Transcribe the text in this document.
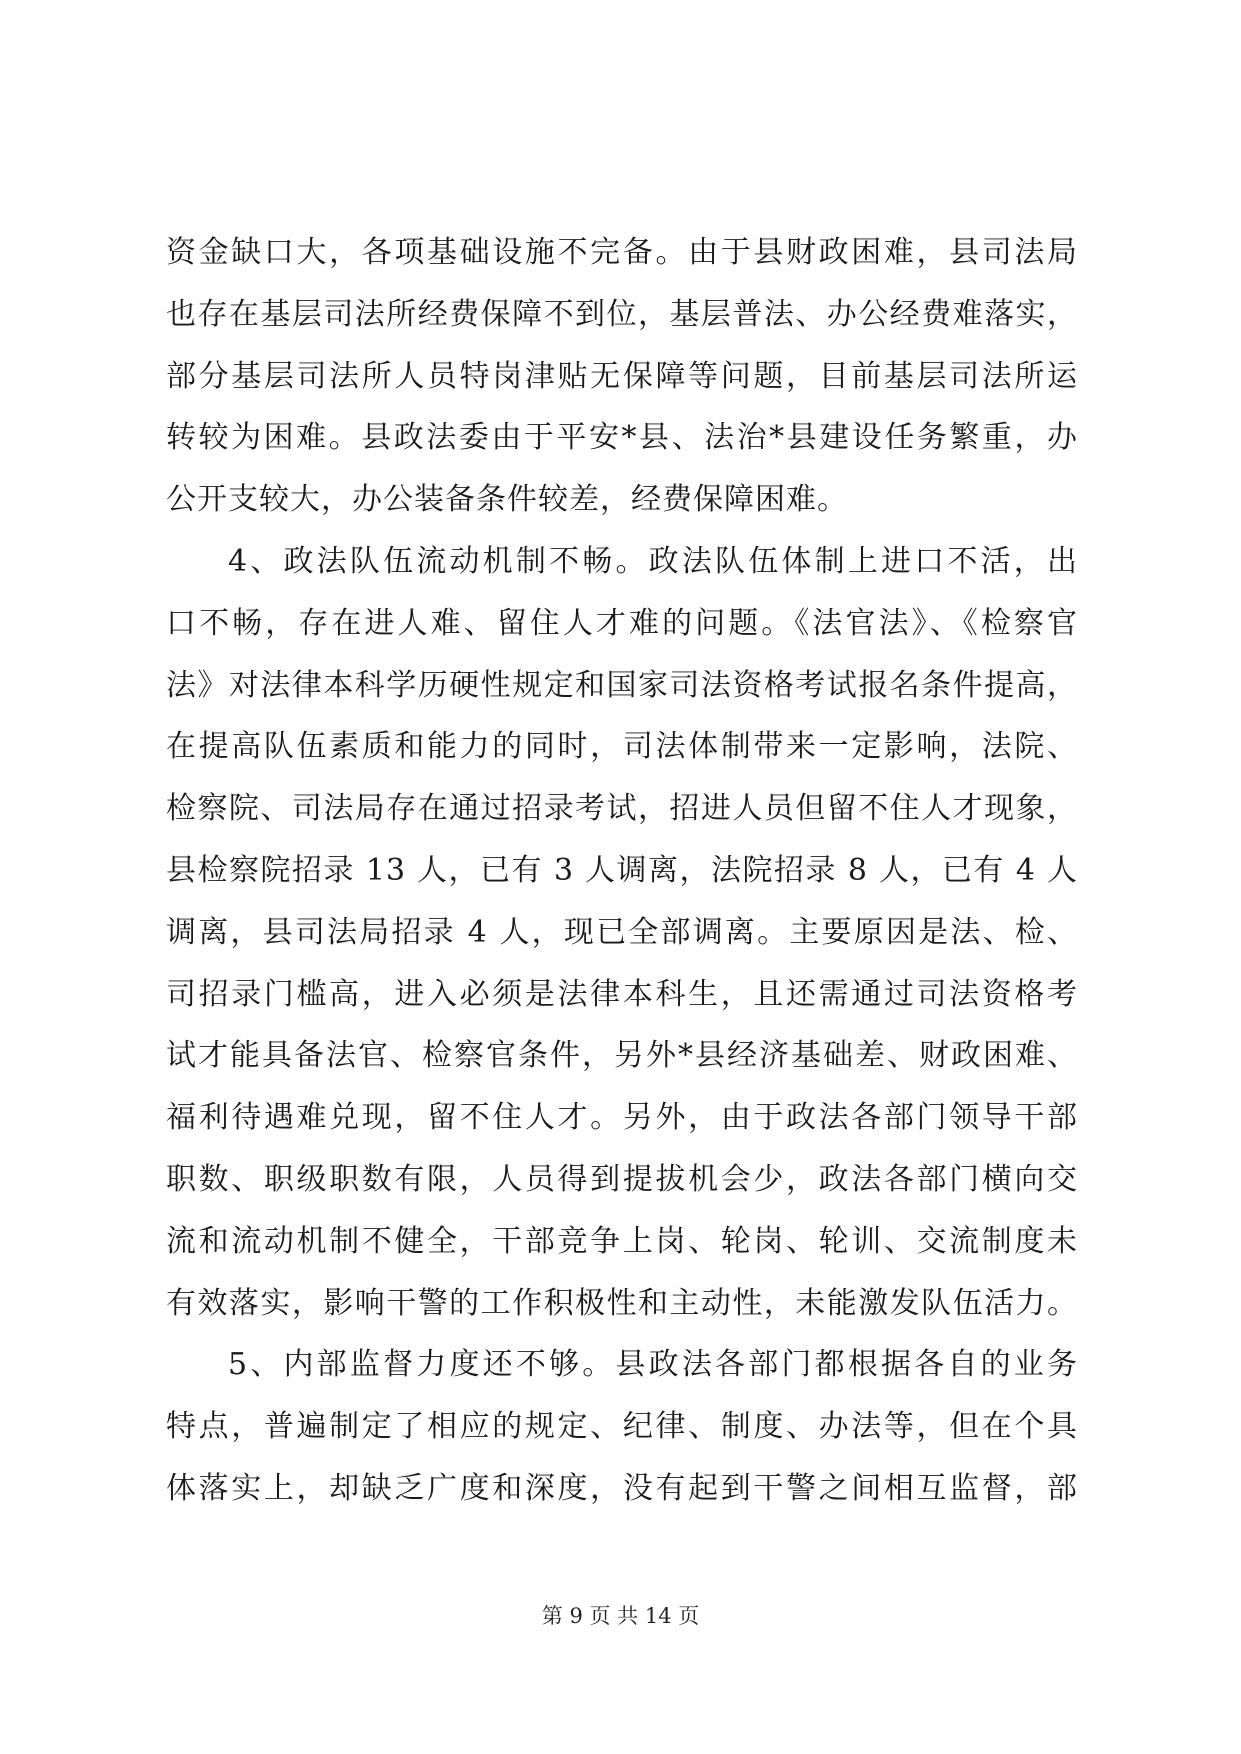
资金缺口大，各项基础设施不完备。由于县财政困难，县司法局
也存在基层司法所经费保障不到位，基层普法、办公经费难落实，
部分基层司法所人员特岗津贴无保障等问题，目前基层司法所运
转较为困难。县政法委由于平安*县、法治*县建设任务繁重，办
公开支较大，办公装备条件较差，经费保障困难。
4、政法队伍流动机制不畅。政法队伍体制上进口不活，出
口不畅，存在进人难、留住人才难的问题。《法官法》、《检察官
法》对法律本科学历硬性规定和国家司法资格考试报名条件提高，
在提高队伍素质和能力的同时，司法体制带来一定影响，法院、
检察院、司法局存在通过招录考试，招进人员但留不住人才现象，
县检察院招录 13 人，已有 3 人调离，法院招录 8 人，已有 4 人
调离，县司法局招录 4 人，现已全部调离。主要原因是法、检、
司招录门槛高，进入必须是法律本科生，且还需通过司法资格考
试才能具备法官、检察官条件，另外*县经济基础差、财政困难、
福利待遇难兑现，留不住人才。另外，由于政法各部门领导干部
职数、职级职数有限，人员得到提拔机会少，政法各部门横向交
流和流动机制不健全，干部竞争上岗、轮岗、轮训、交流制度未
有效落实，影响干警的工作积极性和主动性，未能激发队伍活力。
5、内部监督力度还不够。县政法各部门都根据各自的业务
特点，普遍制定了相应的规定、纪律、制度、办法等，但在个具
体落实上，却缺乏广度和深度，没有起到干警之间相互监督，部
第 9 页 共 14 页
